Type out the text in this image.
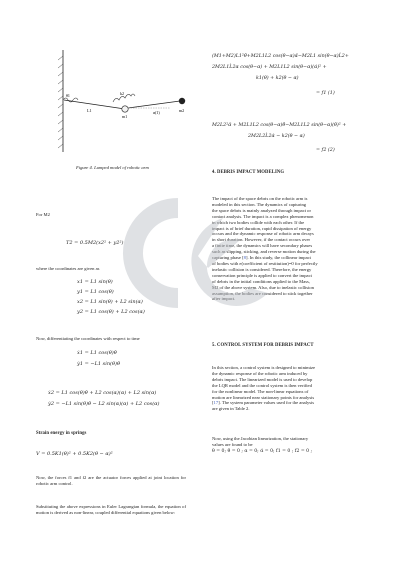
θ1
L1
m1
k2
α(1)	m2
Figure 4. Lumped model of robotic arm
For M2
T2 = 0.5M2(x2² + y2²)
where the coordinates are given as
x1 = L1 sin(θ)
y1 = L1 cos(θ)
x2 = L1 sin(θ) + L2 sin(α)
y2 = L1 cos(θ) + L2 cos(α)
Now, differentiating the coordinates with respect to time
ẋ1 = L1 cos(θ)θ̇
ẏ1 = −L1 sin(θ)θ̇
ẋ2 = L1 cos(θ)θ̇ + L2 cos(α)(α) + L2 sin(α)
ẏ2 = −L1 sin(θ)θ̇ − L2 sin(α)(α) + L2 cos(α)
Strain energy in springs
V = 0.5K1(θ)² + 0.5K2(θ − α)²
Now, the forces f1 and f2 are the actuator forces applied at joint location for robotic arm control.
Substituting the above expressions in Euler Lagrangian formula, the equation of motion is derived as non-linear, coupled differential equations given below:
(M1+M2)L1²θ̈+M2L1L2 cos(θ−α)α̈−M2L1 sin(θ−α)L̇2+
2M2L1L̇2α cos(θ−α) + M2L1L2 sin(θ−α)(α̇)² +
k1(θ) + k2(θ − α)
= f1 (1)
M2L2²α̈ + M2L1L2 cos(θ−α)θ̈−M2L1L2 sin(θ−α)(θ̇)² +
2M2L2L̇2α̇ − k2(θ − α)
= f2 (2)
4. DEBRIS IMPACT MODELING
The impact of the space debris on the robotic arm is
modeled in this section. The dynamics of capturing
the space debris is mainly analyzed through impact or
contact analysis. The impact is a complex phenomenon
in which two bodies collide with each other. If the
impact is of brief duration, rapid dissipation of energy
occurs and the dynamic response of robotic arm decays
in short duration. However, if the contact occurs over
a finite time, the dynamics will have secondary phases
such as slipping, sticking, and reverse motion during the
capturing phase [8]. In this study, the collinear impact
of bodies with e(coefficient of restitution)=0 for perfectly
inelastic collision is considered. Therefore, the energy
conservation principle is applied to convert the impact
of debris in the initial conditions applied to the Mass,
M2 of the above system. Also, due to inelastic collision
assumption, the bodies are considered to stick together
after impact.
5. CONTROL SYSTEM FOR DEBRIS IMPACT
In this section, a control system is designed to minimize
the dynamic response of the robotic arm induced by
debris impact. The linearized model is used to develop
the LQR model and the control system is then verified
for the nonlinear model. The non-linear equations of
motion are linearized near stationary points for analysis
[17]. The system parameter values used for the analysis
are given in Table 2.
Now, using the Jacobian linearization, the stationary
values are found to be
θ = 0; θ̇ = 0 ; α = 0; α̇ = 0; f1 = 0 ; f2 = 0 ;
